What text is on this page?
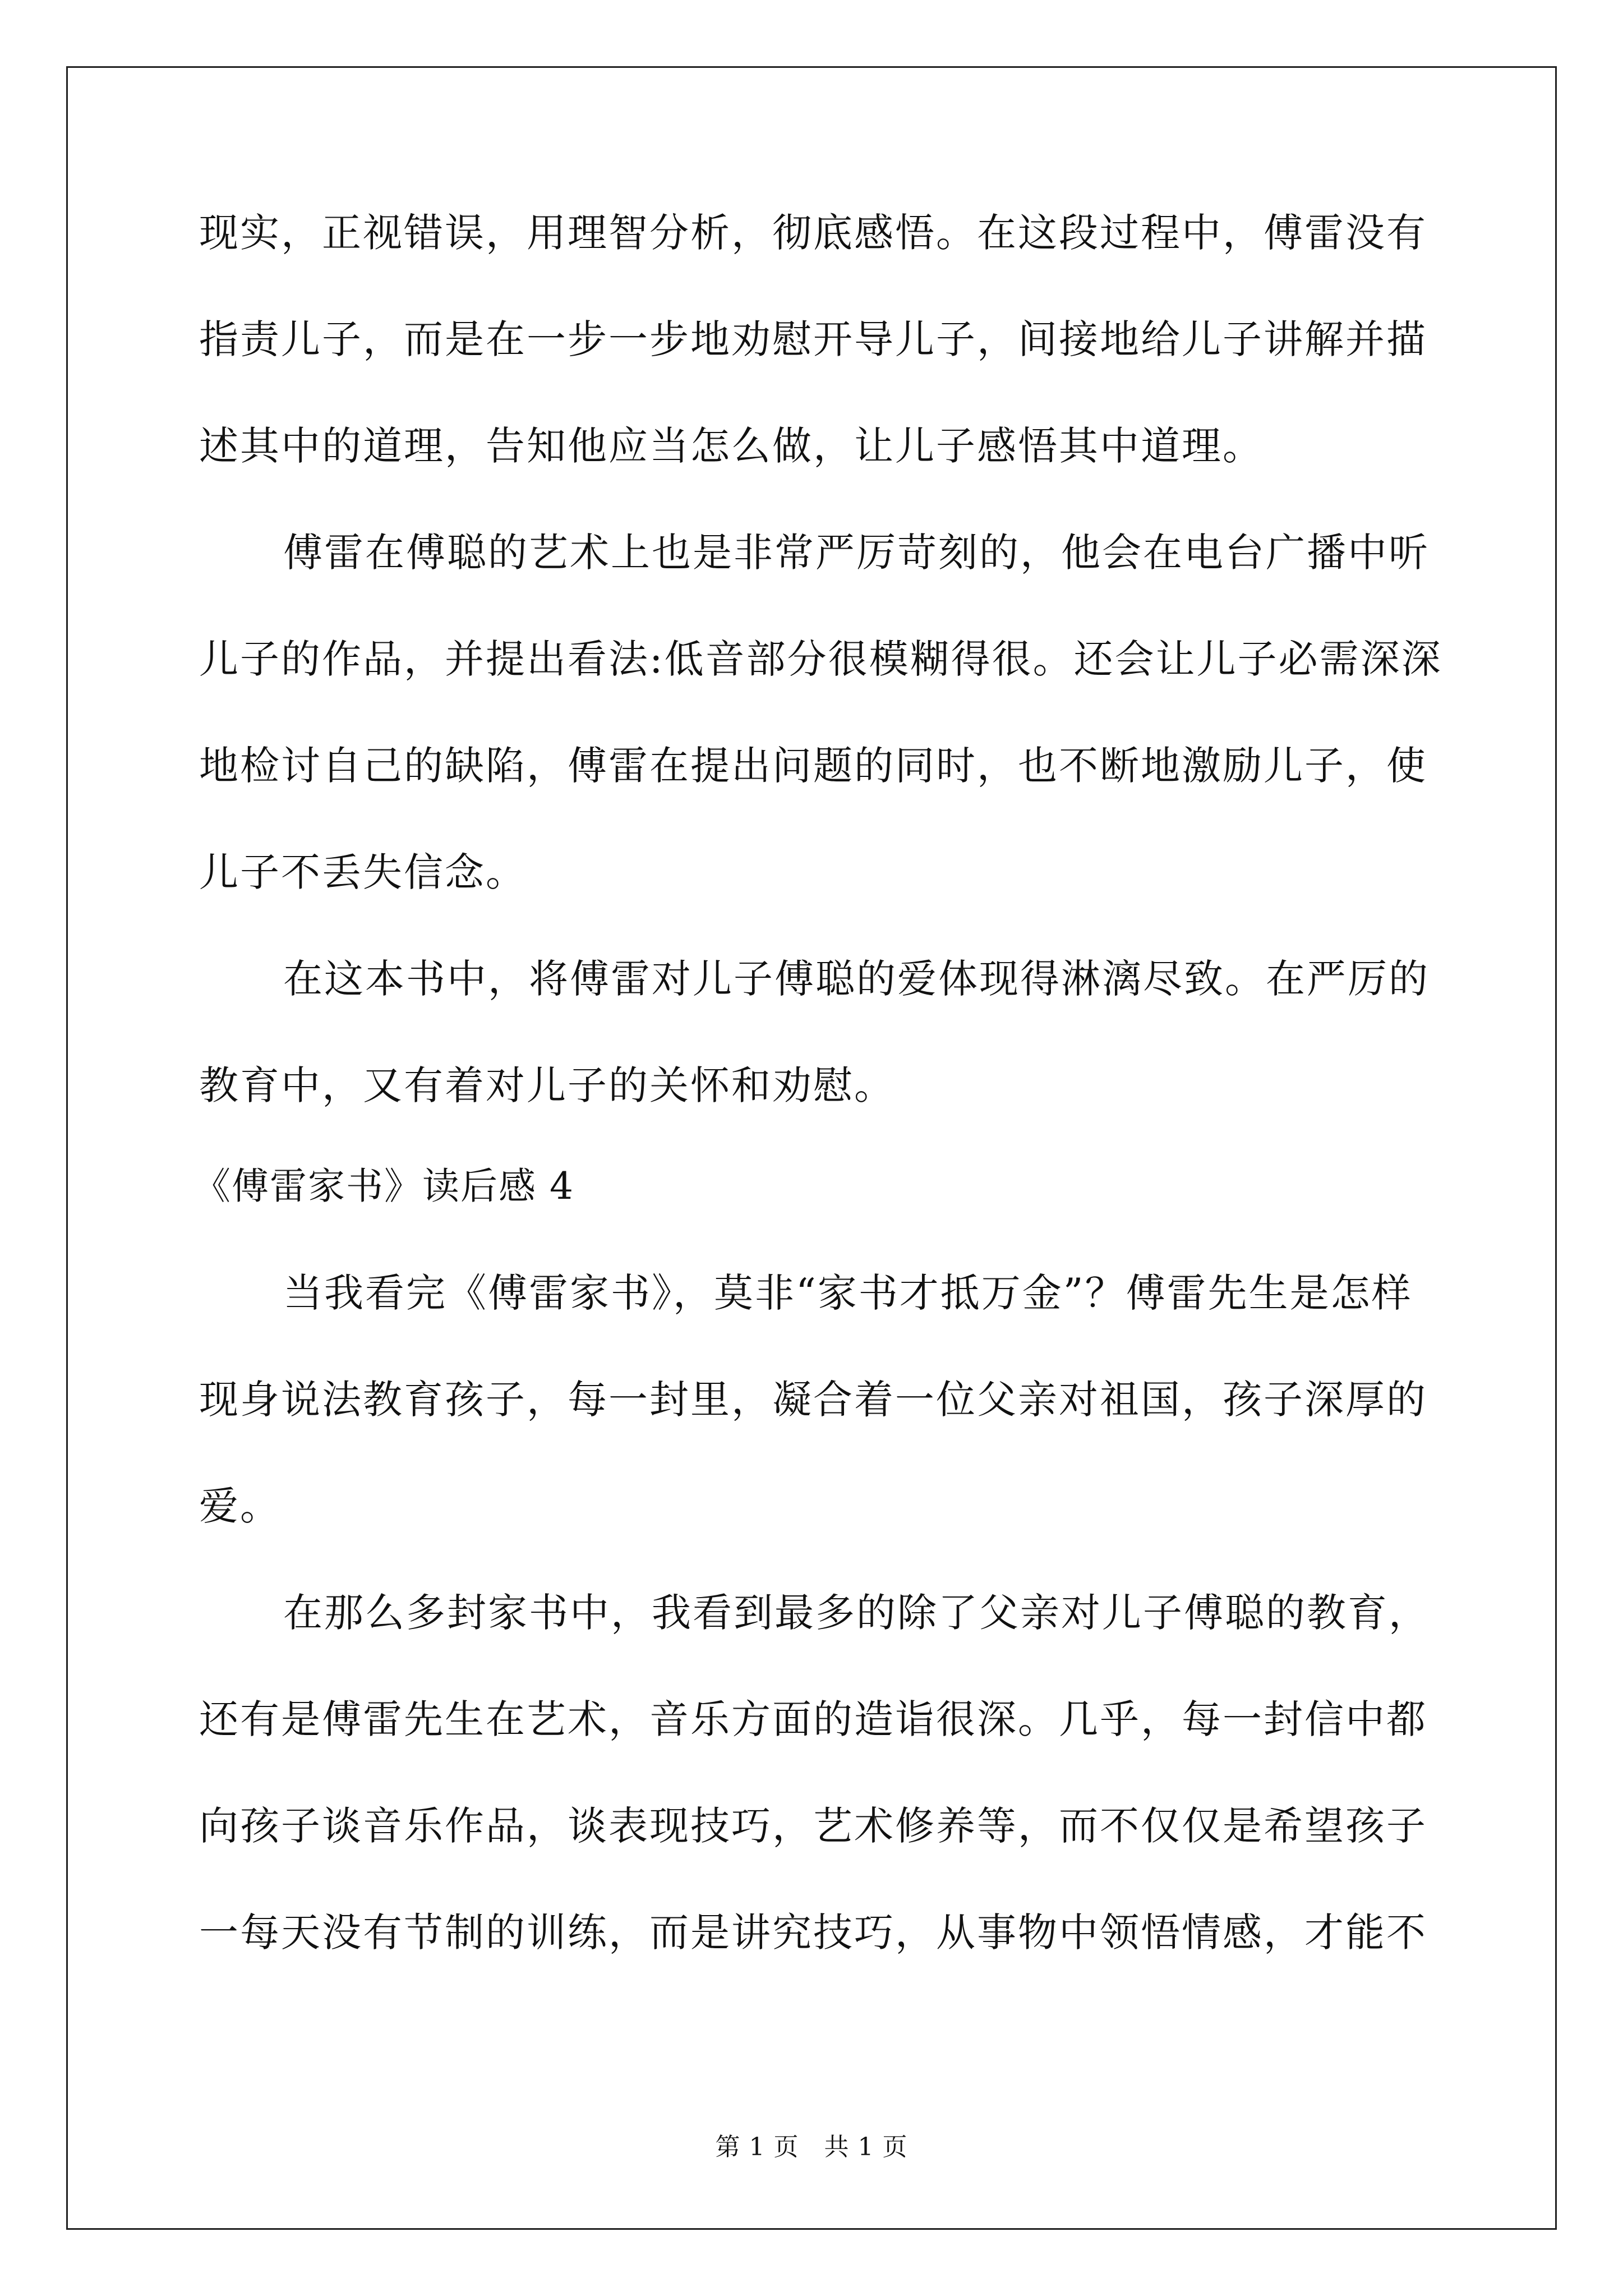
现实，正视错误，用理智分析，彻底感悟。在这段过程中，傅雷没有
指责儿子，而是在一步一步地劝慰开导儿子，间接地给儿子讲解并描
述其中的道理，告知他应当怎么做，让儿子感悟其中道理。
傅雷在傅聪的艺术上也是非常严厉苛刻的，他会在电台广播中听
儿子的作品，并提出看法:低音部分很模糊得很。还会让儿子必需深深
地检讨自己的缺陷，傅雷在提出问题的同时，也不断地激励儿子，使
儿子不丢失信念。
在这本书中，将傅雷对儿子傅聪的爱体现得淋漓尽致。在严厉的
教育中，又有着对儿子的关怀和劝慰。
《傅雷家书》读后感 4
当我看完《傅雷家书》，莫非“家书才抵万金”？傅雷先生是怎样
现身说法教育孩子，每一封里，凝合着一位父亲对祖国，孩子深厚的
爱。
在那么多封家书中，我看到最多的除了父亲对儿子傅聪的教育，
还有是傅雷先生在艺术，音乐方面的造诣很深。几乎，每一封信中都
向孩子谈音乐作品，谈表现技巧，艺术修养等，而不仅仅是希望孩子
一每天没有节制的训练，而是讲究技巧，从事物中领悟情感，才能不
第 1 页　共 1 页
